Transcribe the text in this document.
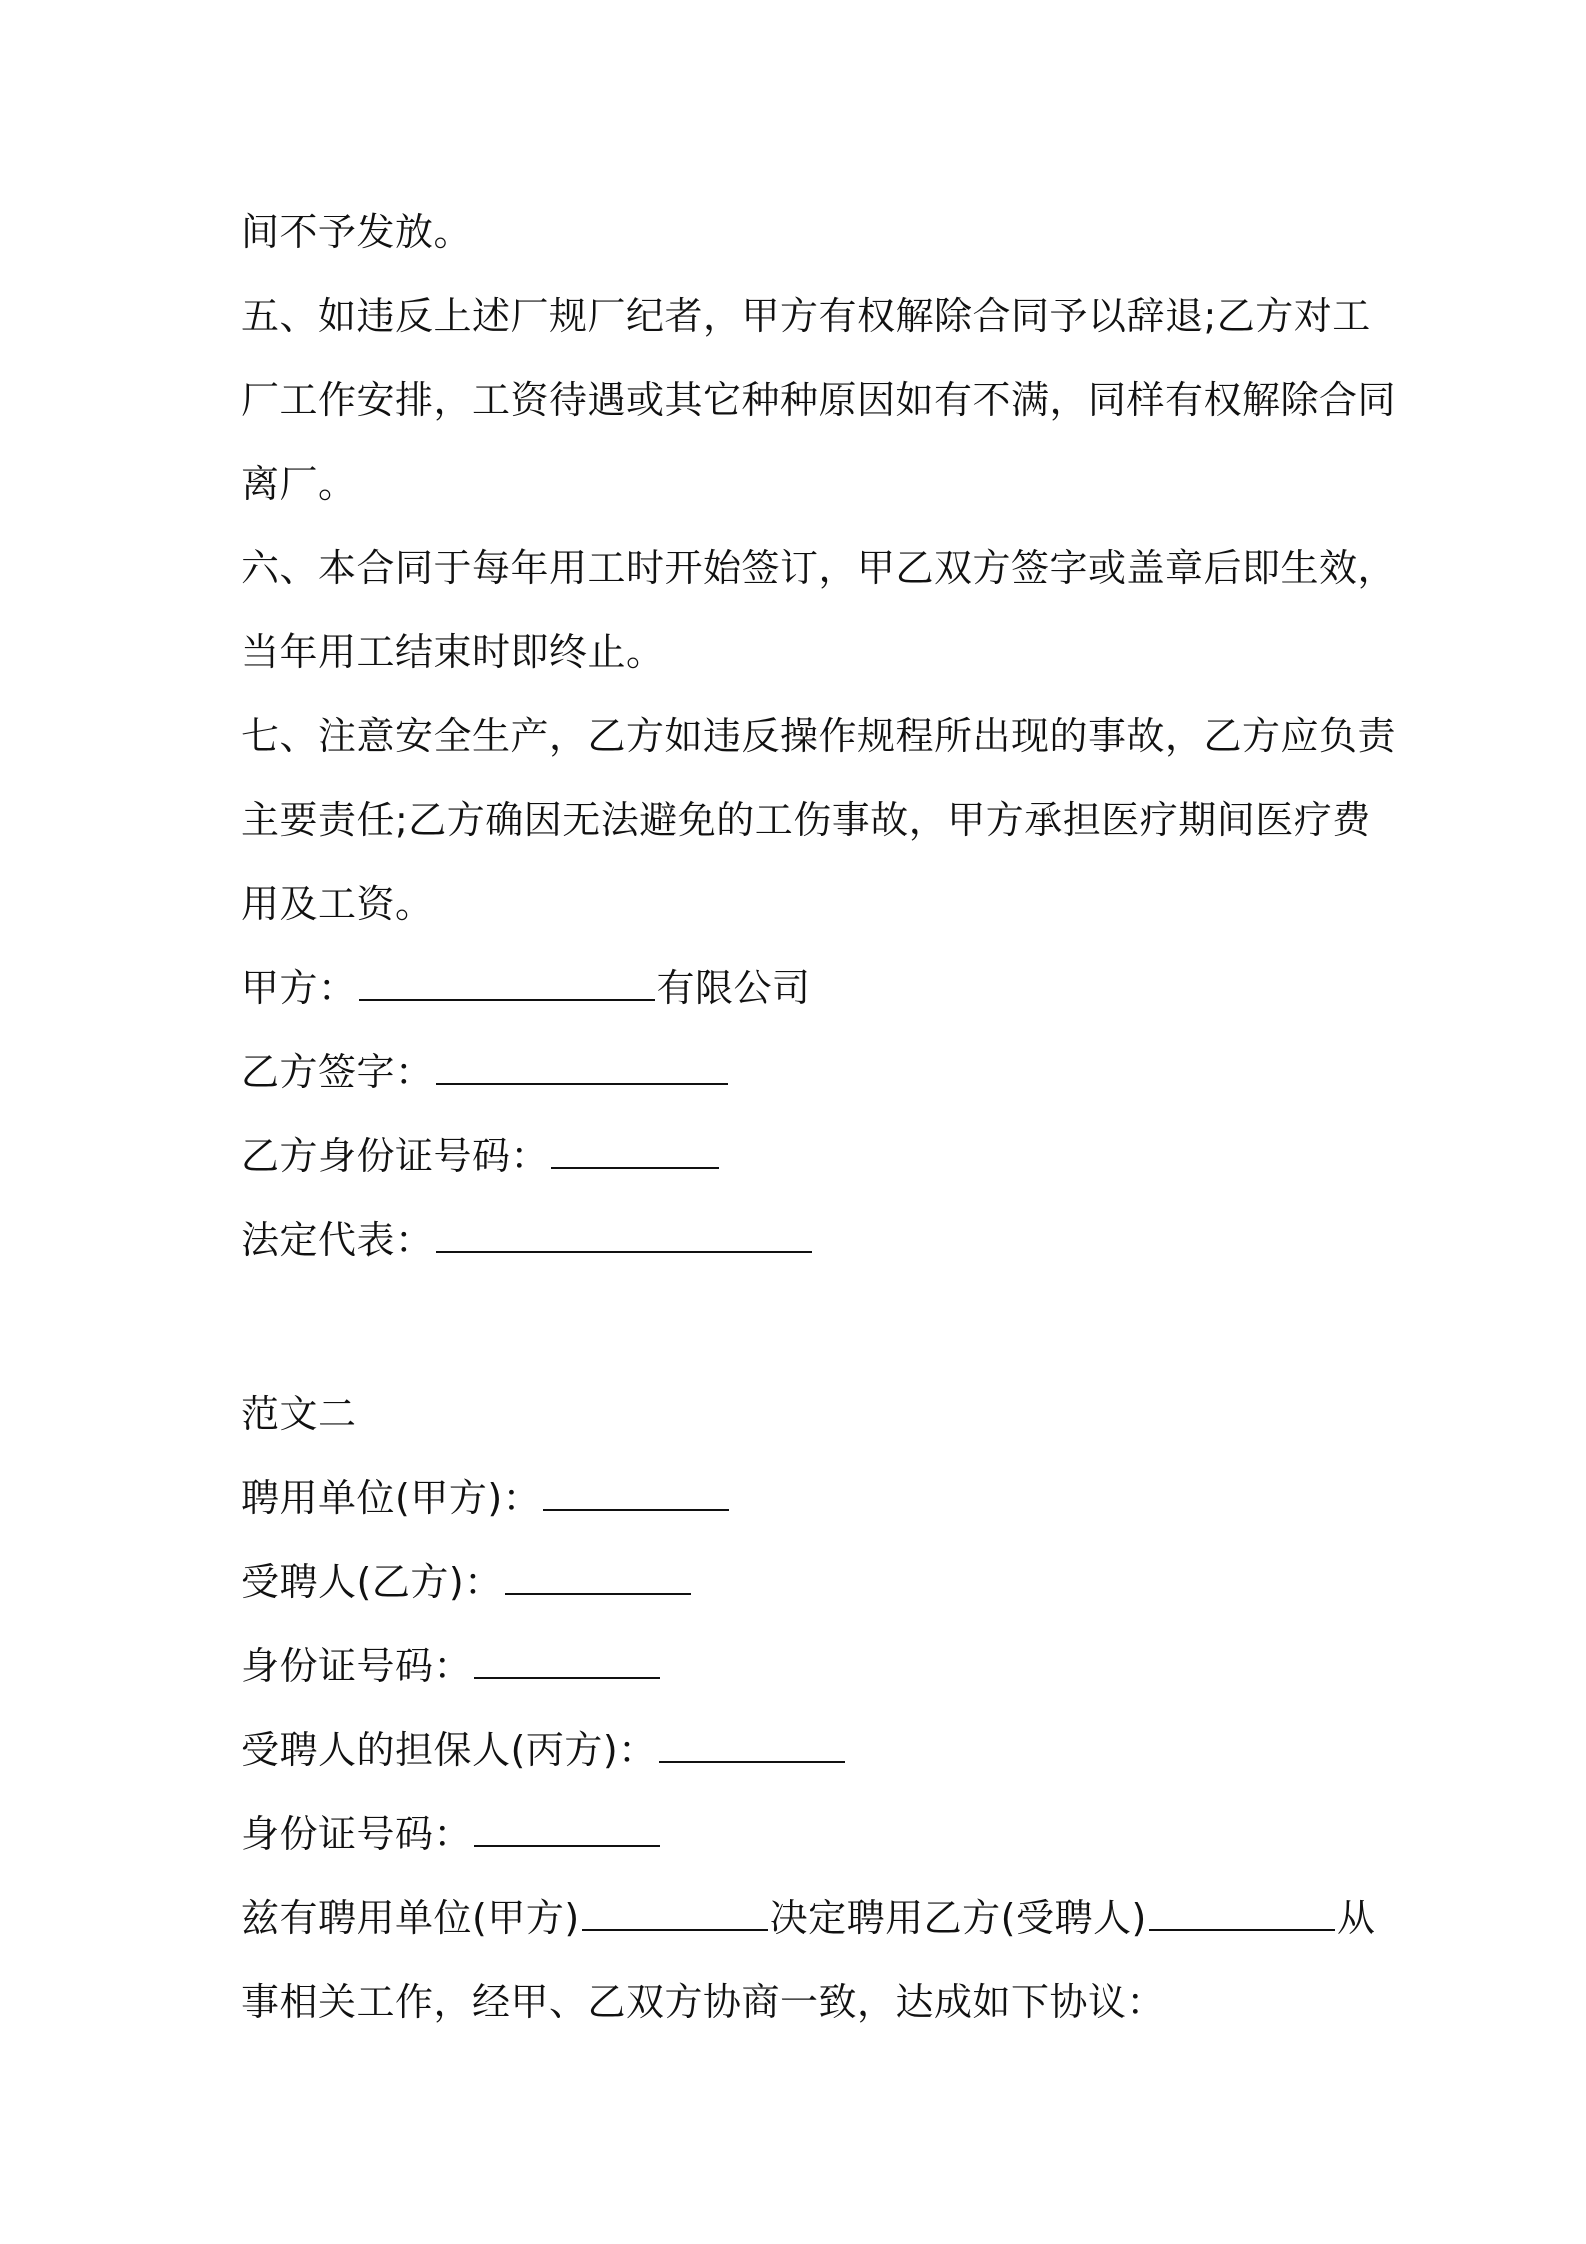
间不予发放。
五、如违反上述厂规厂纪者，甲方有权解除合同予以辞退;乙方对工
厂工作安排，工资待遇或其它种种原因如有不满，同样有权解除合同
离厂。
六、本合同于每年用工时开始签订，甲乙双方签字或盖章后即生效，
当年用工结束时即终止。
七、注意安全生产，乙方如违反操作规程所出现的事故，乙方应负责
主要责任;乙方确因无法避免的工伤事故，甲方承担医疗期间医疗费
用及工资。
甲方：	有限公司
乙方签字：
乙方身份证号码：
法定代表：
范文二
聘用单位(甲方)：
受聘人(乙方)：
身份证号码：
受聘人的担保人(丙方)：
身份证号码：
兹有聘用单位(甲方)	决定聘用乙方(受聘人)	从
事相关工作，经甲、乙双方协商一致，达成如下协议：
